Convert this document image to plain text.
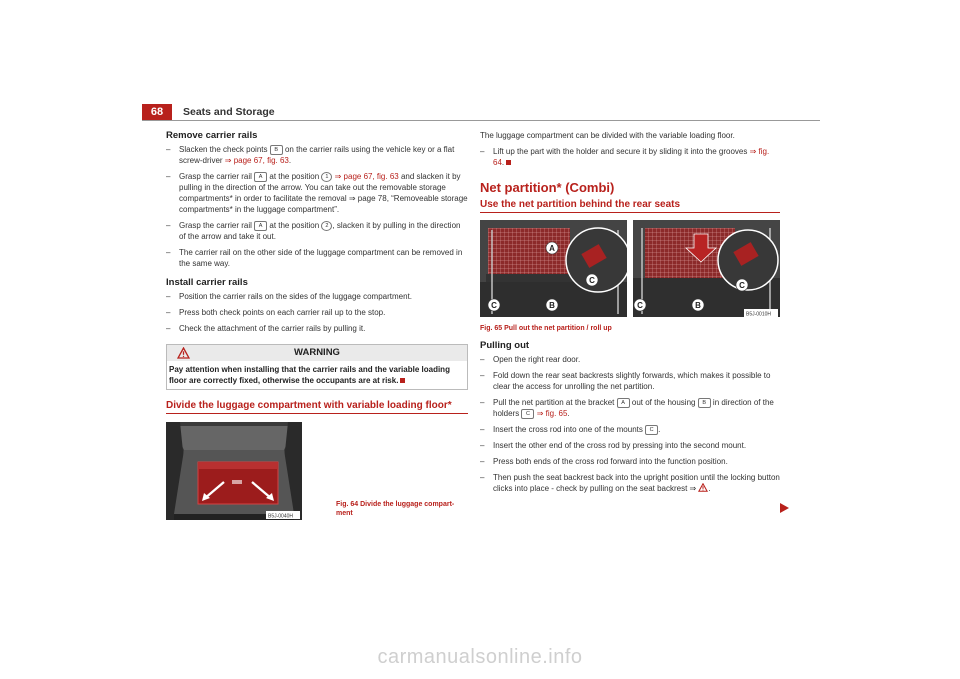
68	Seats and Storage
Remove carrier rails
– Slacken the check points B on the carrier rails using the vehicle key or a flat screw-driver ⇒ page 67, fig. 63.
– Grasp the carrier rail A at the position 1 ⇒ page 67, fig. 63 and slacken it by pulling in the direction of the arrow. You can take out the removable storage compartments* in order to facilitate the removal ⇒ page 78, “Removeable storage compartments* in the luggage compartment”.
– Grasp the carrier rail A at the position 2 , slacken it by pulling in the direction of the arrow and take it out.
– The carrier rail on the other side of the luggage compartment can be removed in the same way.
Install carrier rails
– Position the carrier rails on the sides of the luggage compartment.
– Press both check points on each carrier rail up to the stop.
– Check the attachment of the carrier rails by pulling it.
WARNING
Pay attention when installing that the carrier rails and the variable loading floor are correctly fixed, otherwise the occupants are at risk.
Divide the luggage compartment with variable loading floor*
B5J-0040H
Fig. 64 Divide the luggage compart-ment

The luggage compartment can be divided with the variable loading floor.

– Lift up the part with the holder and secure it by sliding it into the grooves ⇒ fig. 64.
Net partition* (Combi)
Use the net partition behind the rear seats
A
C
C	B
C
C	B
B5J-0010H
Fig. 65 Pull out the net partition / roll up
Pulling out
– Open the right rear door.
– Fold down the rear seat backrests slightly forwards, which makes it possible to clear the access for unrolling the net partition.
– Pull the net partition at the bracket A out of the housing B in direction of the holders C ⇒ fig. 65.
– Insert the cross rod into one of the mounts C .
– Insert the other end of the cross rod by pressing into the second mount.
– Press both ends of the cross rod forward into the function position.
– Then push the seat backrest back into the upright position until the locking button clicks into place - check by pulling on the seat backrest ⇒ .
carmanualsonline.info
